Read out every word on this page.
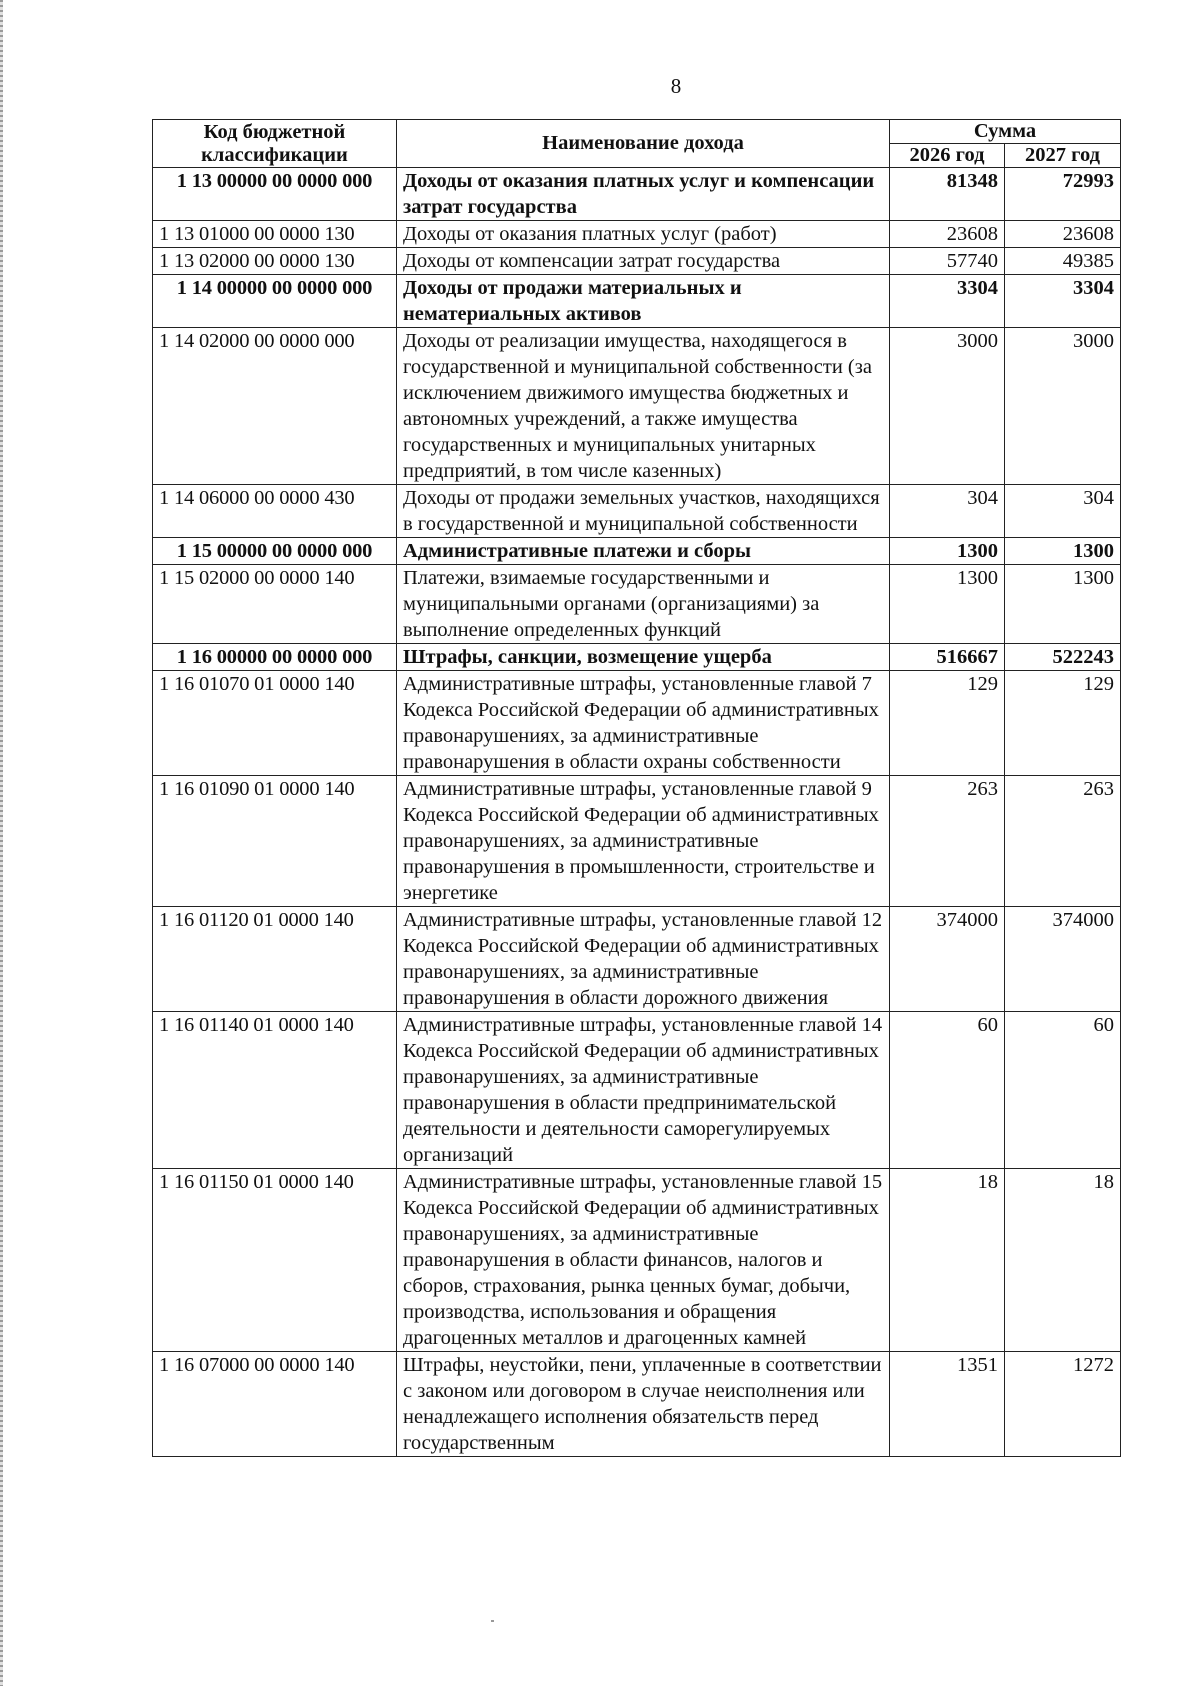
8
Код бюджетной классификации	Наименование дохода	Сумма	
		2026 год	2027 год
1 13 00000 00 0000 000	Доходы от оказания платных услуг и компенсации затрат государства	81348	72993
1 13 01000 00 0000 130	Доходы от оказания платных услуг (работ)	23608	23608
1 13 02000 00 0000 130	Доходы от компенсации затрат государства	57740	49385
1 14 00000 00 0000 000	Доходы от продажи материальных и нематериальных активов	3304	3304
1 14 02000 00 0000 000	Доходы от реализации имущества, находящегося в государственной и муниципальной собственности (за исключением движимого имущества бюджетных и автономных учреждений, а также имущества государственных и муниципальных унитарных предприятий, в том числе казенных)	3000	3000
1 14 06000 00 0000 430	Доходы от продажи земельных участков, находящихся в государственной и муниципальной собственности	304	304
1 15 00000 00 0000 000	Административные платежи и сборы	1300	1300
1 15 02000 00 0000 140	Платежи, взимаемые государственными и муниципальными органами (организациями) за выполнение определенных функций	1300	1300
1 16 00000 00 0000 000	Штрафы, санкции, возмещение ущерба	516667	522243
1 16 01070 01 0000 140	Административные штрафы, установленные главой 7 Кодекса Российской Федерации об административных правонарушениях, за административные правонарушения в области охраны собственности	129	129
1 16 01090 01 0000 140	Административные штрафы, установленные главой 9 Кодекса Российской Федерации об административных правонарушениях, за административные правонарушения в промышленности, строительстве и энергетике	263	263
1 16 01120 01 0000 140	Административные штрафы, установленные главой 12 Кодекса Российской Федерации об административных правонарушениях, за административные правонарушения в области дорожного движения	374000	374000
1 16 01140 01 0000 140	Административные штрафы, установленные главой 14 Кодекса Российской Федерации об административных правонарушениях, за административные правонарушения в области предпринимательской деятельности и деятельности саморегулируемых организаций	60	60
1 16 01150 01 0000 140	Административные штрафы, установленные главой 15 Кодекса Российской Федерации об административных правонарушениях, за административные правонарушения в области финансов, налогов и сборов, страхования, рынка ценных бумаг, добычи, производства, использования и обращения драгоценных металлов и драгоценных камней	18	18
1 16 07000 00 0000 140	Штрафы, неустойки, пени, уплаченные в соответствии с законом или договором в случае неисполнения или ненадлежащего исполнения обязательств перед государственным	1351	1272
